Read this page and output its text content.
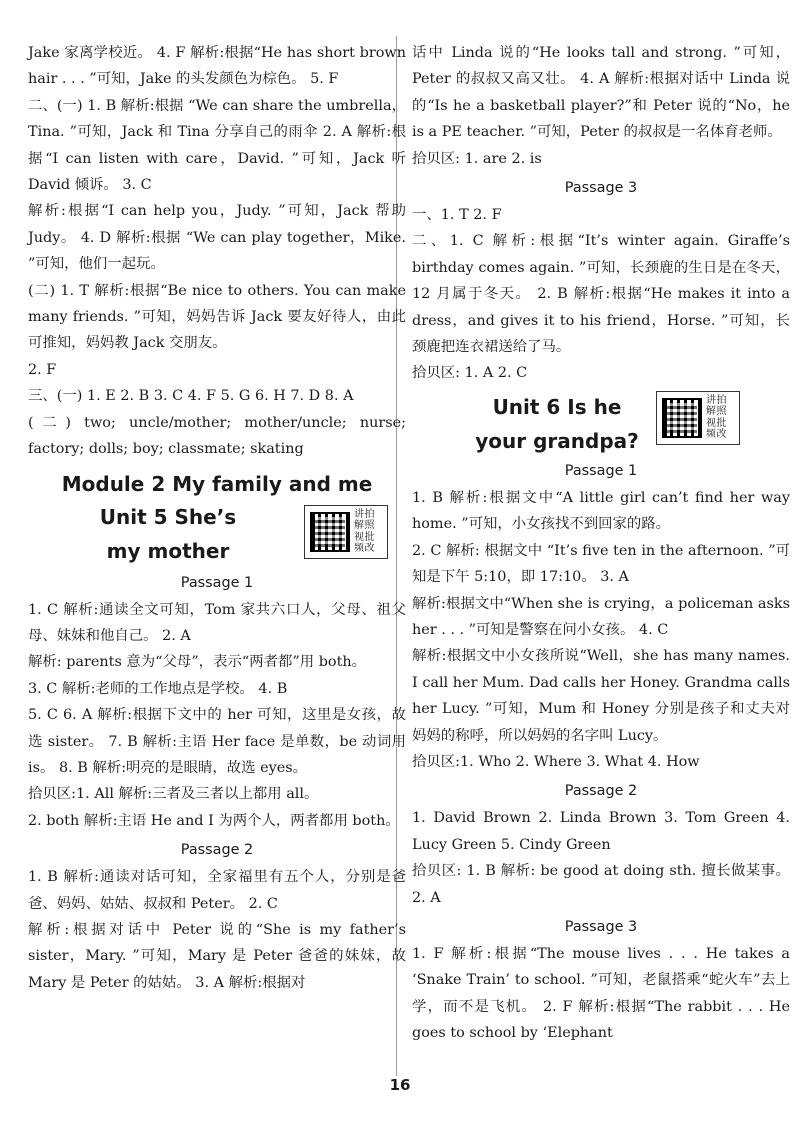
Jake 家离学校近。 4. F 解析:根据“He has short brown hair . . . ”可知，Jake 的头发颜色为棕色。 5. F

二、(一) 1. B 解析:根据 “We can share the umbrella，Tina. ”可知，Jack 和 Tina 分享自己的雨伞 2. A 解析:根据“I can listen with care，David. ”可知，Jack 听 David 倾诉。 3. C

解析:根据“I can help you，Judy. ”可知，Jack 帮助 Judy。 4. D 解析:根据 “We can play together，Mike. ”可知，他们一起玩。

(二) 1. T 解析:根据“Be nice to others. You can make many friends. ”可知，妈妈告诉 Jack 要友好待人，由此可推知，妈妈教 Jack 交朋友。

2. F

三、(一) 1. E 2. B 3. C 4. F 5. G 6. H 7. D 8. A

(二) two; uncle/mother; mother/uncle; nurse; factory; dolls; boy; classmate; skating

Module 2 My family and me
Unit 5 She’s
my mother
讲拍解照视批频改
Passage 1

1. C 解析:通读全文可知，Tom 家共六口人，父母、祖父母、妹妹和他自己。 2. A

解析: parents 意为“父母”，表示“两者都”用 both。

3. C 解析:老师的工作地点是学校。 4. B

5. C 6. A 解析:根据下文中的 her 可知，这里是女孩，故选 sister。 7. B 解析:主语 Her face 是单数，be 动词用 is。 8. B 解析:明亮的是眼睛，故选 eyes。

拾贝区:1. All 解析:三者及三者以上都用 all。

2. both 解析:主语 He and I 为两个人，两者都用 both。

Passage 2

1. B 解析:通读对话可知，全家福里有五个人，分别是爸爸、妈妈、姑姑、叔叔和 Peter。 2. C

解析:根据对话中 Peter 说的“She is my father’s sister，Mary. ”可知，Mary 是 Peter 爸爸的妹妹，故 Mary 是 Peter 的姑姑。 3. A 解析:根据对

话中 Linda 说的“He looks tall and strong. ”可知，Peter 的叔叔又高又壮。 4. A 解析:根据对话中 Linda 说的“Is he a basketball player?”和 Peter 说的“No，he is a PE teacher. ”可知，Peter 的叔叔是一名体育老师。

拾贝区: 1. are 2. is

Passage 3

一、1. T 2. F

二、1. C 解析:根据“It’s winter again. Giraffe’s birthday comes again. ”可知，长颈鹿的生日是在冬天，12 月属于冬天。 2. B 解析:根据“He makes it into a dress，and gives it to his friend，Horse. ”可知，长颈鹿把连衣裙送给了马。

拾贝区: 1. A 2. C

Unit 6 Is he
your grandpa?
讲拍解照视批频改
Passage 1

1. B 解析:根据文中“A little girl can’t find her way home. ”可知，小女孩找不到回家的路。

2. C 解析: 根据文中 “It’s five ten in the afternoon. ”可知是下午 5:10，即 17:10。 3. A

解析:根据文中“When she is crying，a policeman asks her . . . ”可知是警察在问小女孩。 4. C

解析:根据文中小女孩所说“Well，she has many names. I call her Mum. Dad calls her Honey. Grandma calls her Lucy. ”可知，Mum 和 Honey 分别是孩子和丈夫对妈妈的称呼，所以妈妈的名字叫 Lucy。

拾贝区:1. Who 2. Where 3. What 4. How

Passage 2

1. David Brown 2. Linda Brown 3. Tom Green 4. Lucy Green 5. Cindy Green

拾贝区: 1. B 解析: be good at doing sth. 擅长做某事。 2. A

Passage 3

1. F 解析:根据“The mouse lives . . . He takes a ‘Snake Train’ to school. ”可知，老鼠搭乘“蛇火车”去上学，而不是飞机。 2. F 解析:根据“The rabbit . . . He goes to school by ‘Elephant

16
